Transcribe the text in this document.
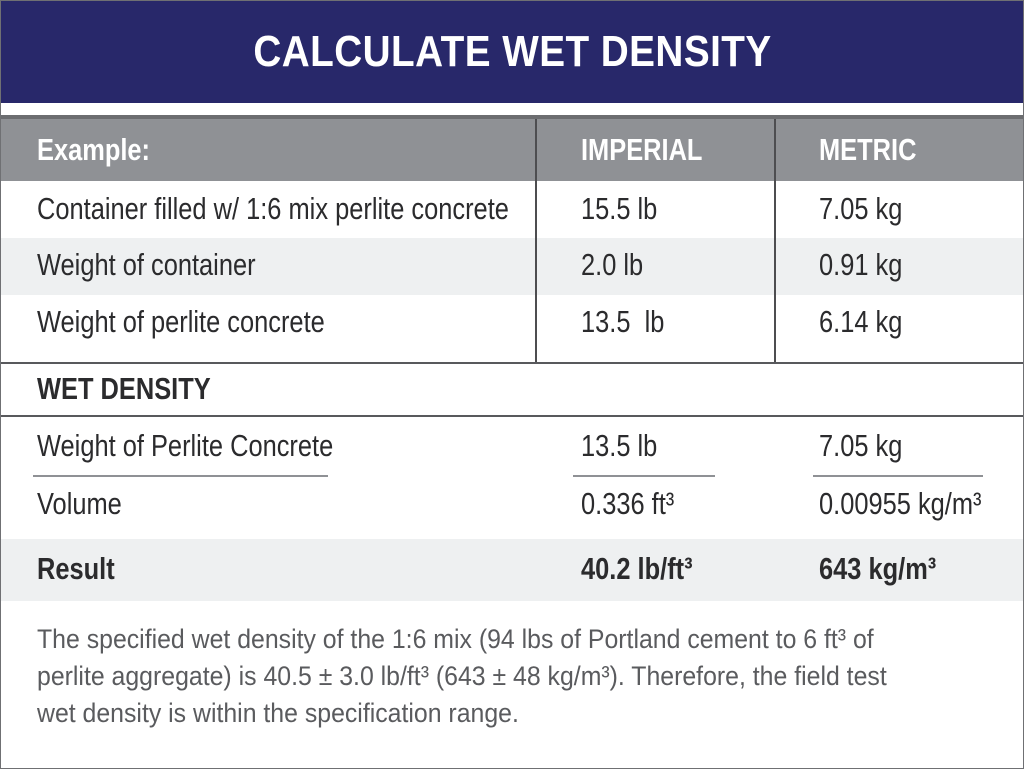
CALCULATE WET DENSITY
Example:	IMPERIAL	METRIC
Container filled w/ 1:6 mix perlite concrete	15.5 lb	7.05 kg
Weight of container	2.0 lb	0.91 kg
Weight of perlite concrete	13.5  lb	6.14 kg
WET DENSITY
Weight of Perlite Concrete	13.5 lb	7.05 kg
Volume	0.336 ft³	0.00955 kg/m³
Result	40.2 lb/ft³	643 kg/m³
The specified wet density of the 1:6 mix (94 lbs of Portland cement to 6 ft³ of perlite aggregate) is 40.5 ± 3.0 lb/ft³ (643 ± 48 kg/m³). Therefore, the field test wet density is within the specification range.
